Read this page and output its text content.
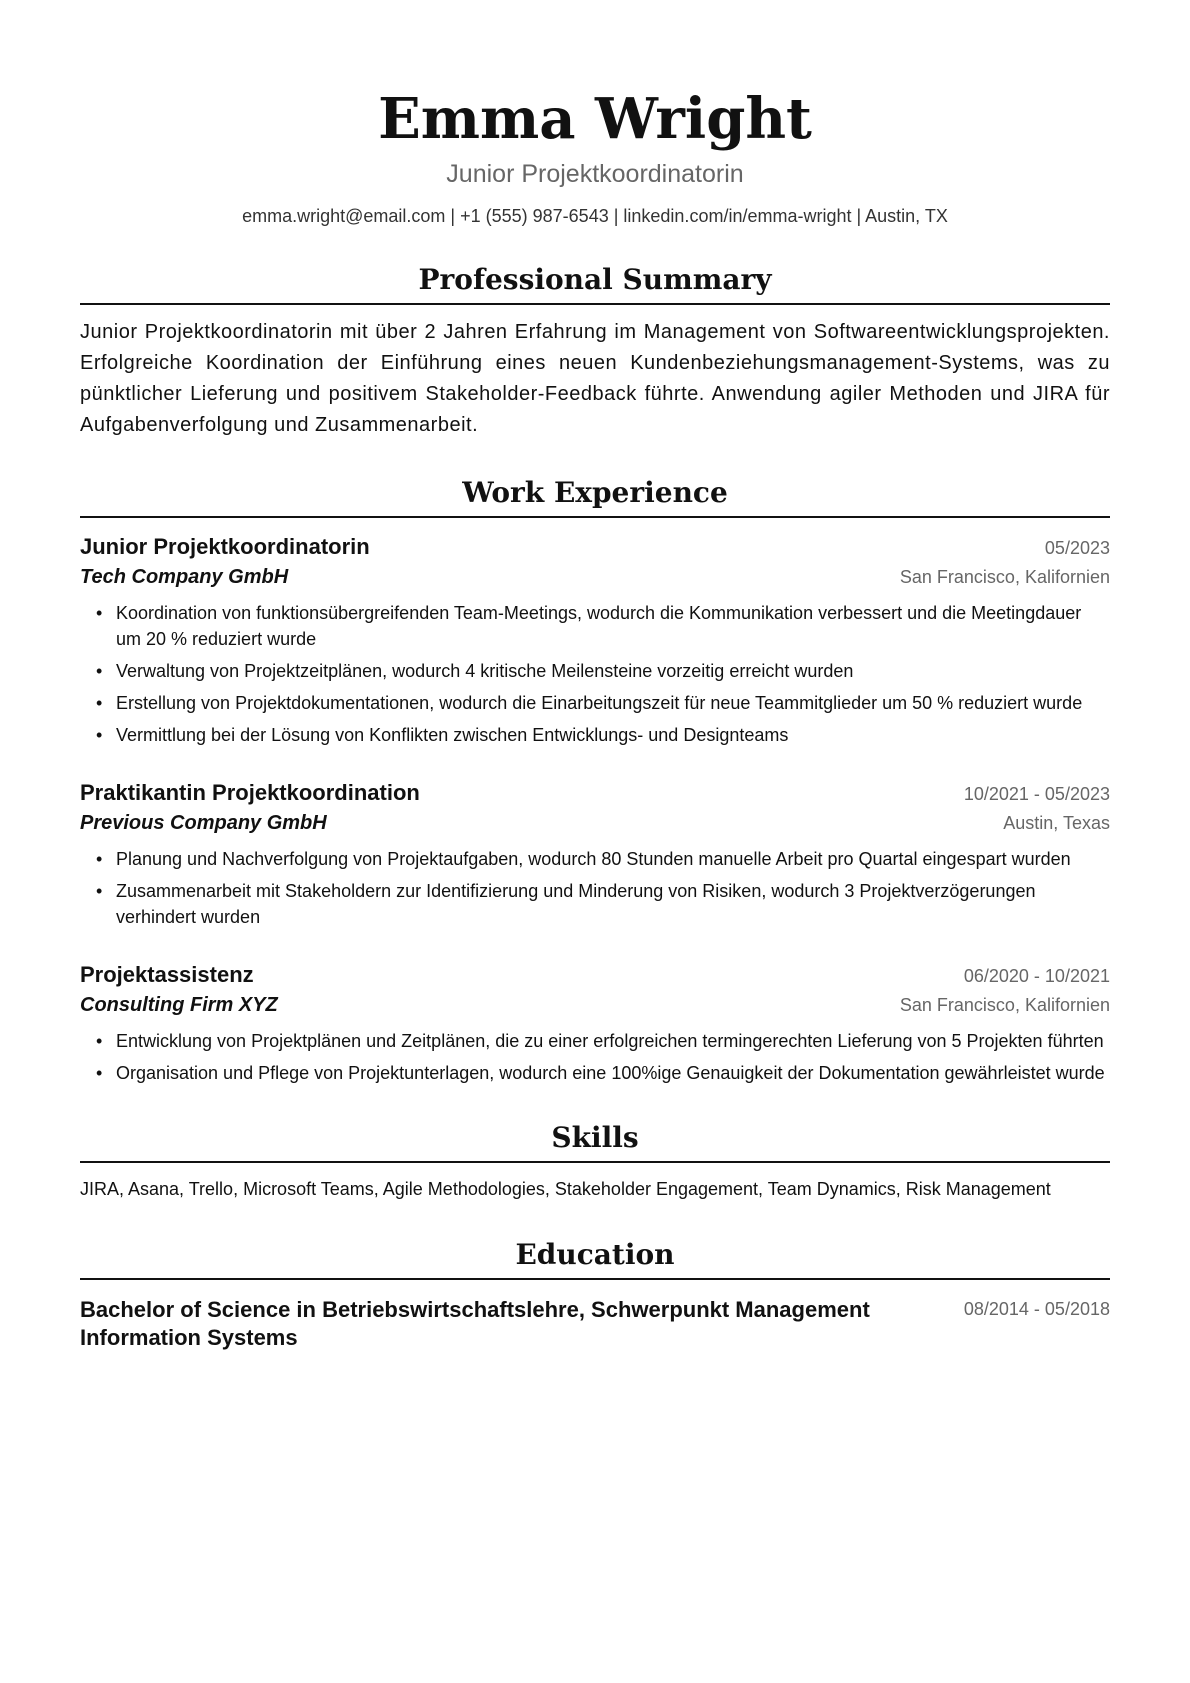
Emma Wright
Junior Projektkoordinatorin
emma.wright@email.com | +1 (555) 987-6543 | linkedin.com/in/emma-wright | Austin, TX
Professional Summary
Junior Projektkoordinatorin mit über 2 Jahren Erfahrung im Management von Softwareentwicklungsprojekten. Erfolgreiche Koordination der Einführung eines neuen Kundenbeziehungsmanagement-Systems, was zu pünktlicher Lieferung und positivem Stakeholder-Feedback führte. Anwendung agiler Methoden und JIRA für Aufgabenverfolgung und Zusammenarbeit.
Work Experience
Junior Projektkoordinatorin	05/2023
Tech Company GmbH	San Francisco, Kalifornien
• Koordination von funktionsübergreifenden Team-Meetings, wodurch die Kommunikation verbessert und die Meetingdauer um 20 % reduziert wurde
• Verwaltung von Projektzeitplänen, wodurch 4 kritische Meilensteine vorzeitig erreicht wurden
• Erstellung von Projektdokumentationen, wodurch die Einarbeitungszeit für neue Teammitglieder um 50 % reduziert wurde
• Vermittlung bei der Lösung von Konflikten zwischen Entwicklungs- und Designteams
Praktikantin Projektkoordination	10/2021 - 05/2023
Previous Company GmbH	Austin, Texas
• Planung und Nachverfolgung von Projektaufgaben, wodurch 80 Stunden manuelle Arbeit pro Quartal eingespart wurden
• Zusammenarbeit mit Stakeholdern zur Identifizierung und Minderung von Risiken, wodurch 3 Projektverzögerungen verhindert wurden
Projektassistenz	06/2020 - 10/2021
Consulting Firm XYZ	San Francisco, Kalifornien
• Entwicklung von Projektplänen und Zeitplänen, die zu einer erfolgreichen termingerechten Lieferung von 5 Projekten führten
• Organisation und Pflege von Projektunterlagen, wodurch eine 100%ige Genauigkeit der Dokumentation gewährleistet wurde
Skills
JIRA, Asana, Trello, Microsoft Teams, Agile Methodologies, Stakeholder Engagement, Team Dynamics, Risk Management
Education
Bachelor of Science in Betriebswirtschaftslehre, Schwerpunkt Management Information Systems
08/2014 - 05/2018
